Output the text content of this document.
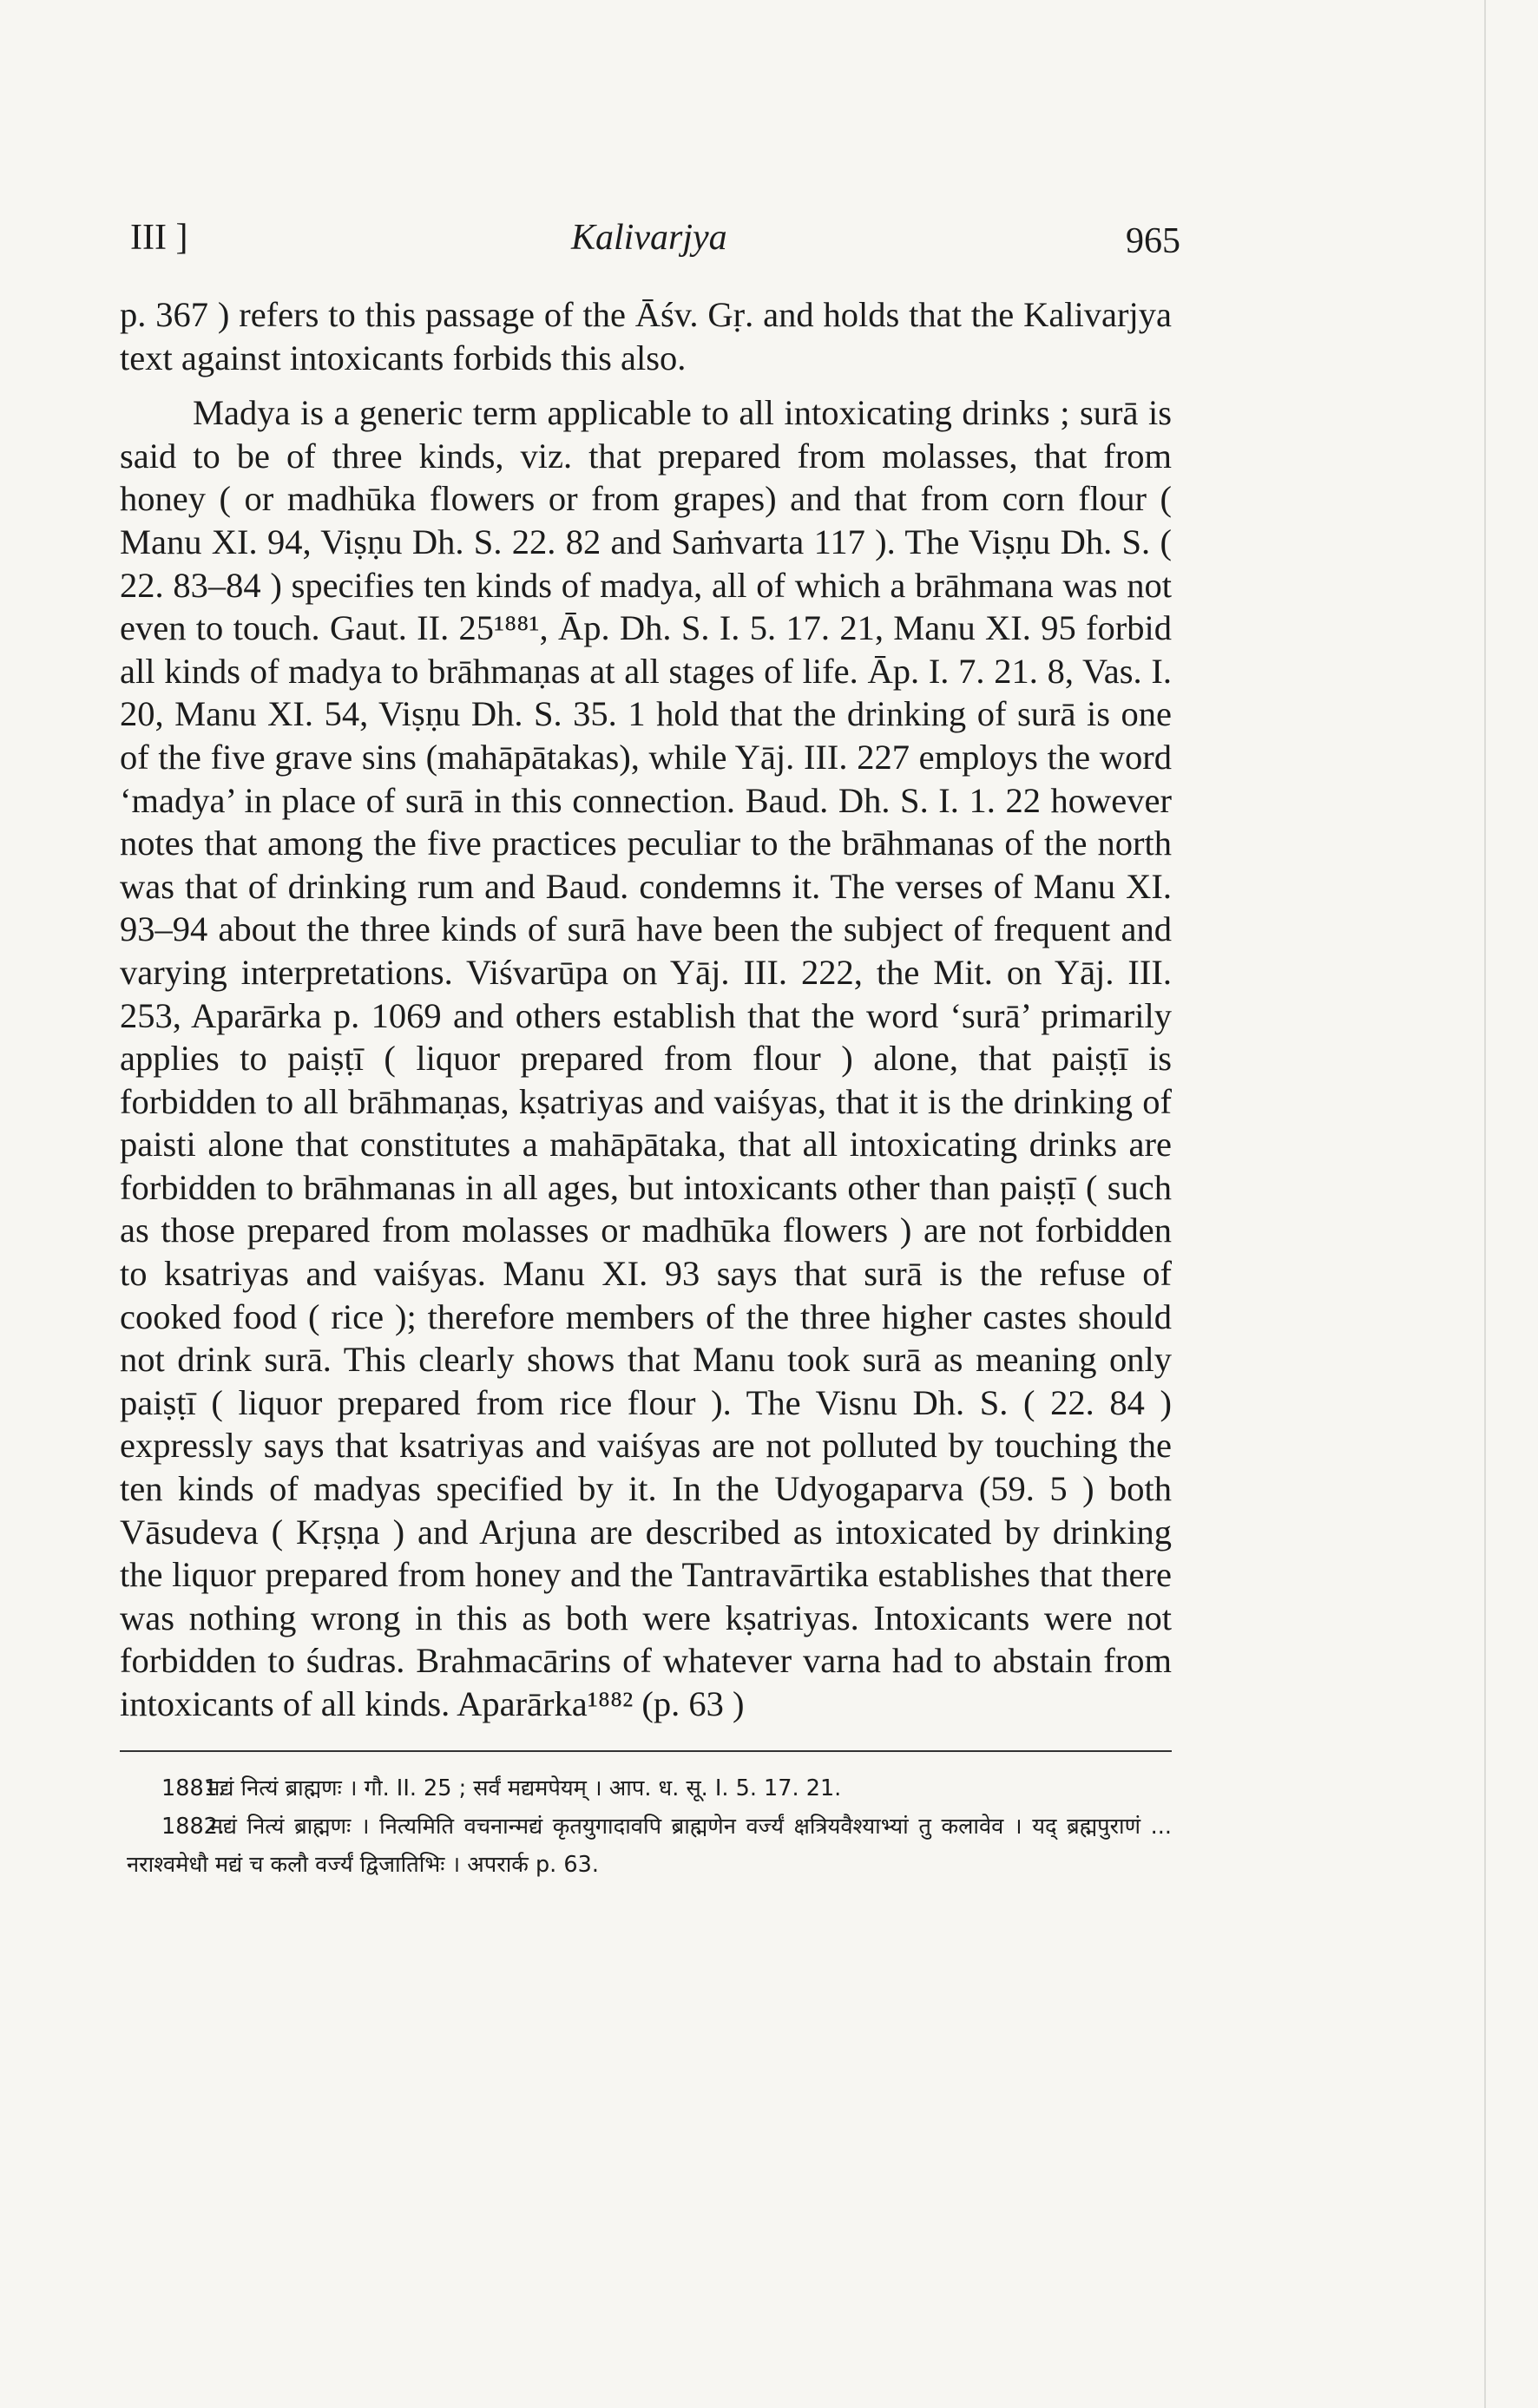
III ]	Kalivarjya	965

p. 367 ) refers to this passage of the Āśv. Gṛ. and holds that the Kalivarjya text against intoxicants forbids this also.

Madya is a generic term applicable to all intoxicating drinks ; surā is said to be of three kinds, viz. that prepared from molasses, that from honey ( or madhūka flowers or from grapes) and that from corn flour ( Manu XI. 94, Viṣṇu Dh. S. 22. 82 and Saṁvarta 117 ). The Viṣṇu Dh. S. ( 22. 83–84 ) specifies ten kinds of madya, all of which a brāhmana was not even to touch. Gaut. II. 25¹⁸⁸¹, Āp. Dh. S. I. 5. 17. 21, Manu XI. 95 forbid all kinds of madya to brāhmaṇas at all stages of life. Āp. I. 7. 21. 8, Vas. I. 20, Manu XI. 54, Viṣṇu Dh. S. 35. 1 hold that the drinking of surā is one of the five grave sins (mahāpātakas), while Yāj. III. 227 employs the word ‘madya’ in place of surā in this connection. Baud. Dh. S. I. 1. 22 however notes that among the five practices peculiar to the brāhmanas of the north was that of drinking rum and Baud. condemns it. The verses of Manu XI. 93–94 about the three kinds of surā have been the subject of frequent and varying interpretations. Viśvarūpa on Yāj. III. 222, the Mit. on Yāj. III. 253, Aparārka p. 1069 and others establish that the word ‘surā’ primarily applies to paiṣṭī ( liquor prepared from flour ) alone, that paiṣṭī is forbidden to all brāhmaṇas, kṣatriyas and vaiśyas, that it is the drinking of paisti alone that constitutes a mahāpātaka, that all intoxicating drinks are forbidden to brāhmanas in all ages, but intoxicants other than paiṣṭī ( such as those prepared from molasses or madhūka flowers ) are not forbidden to ksatriyas and vaiśyas. Manu XI. 93 says that surā is the refuse of cooked food ( rice ); therefore members of the three higher castes should not drink surā. This clearly shows that Manu took surā as meaning only paiṣṭī ( liquor prepared from rice flour ). The Visnu Dh. S. ( 22. 84 ) expressly says that ksatriyas and vaiśyas are not polluted by touching the ten kinds of madyas specified by it. In the Udyogaparva (59. 5 ) both Vāsudeva ( Kṛṣṇa ) and Arjuna are described as intoxicated by drinking the liquor prepared from honey and the Tantravārtika establishes that there was nothing wrong in this as both were kṣatriyas. Intoxicants were not forbidden to śudras. Brahmacārins of whatever varna had to abstain from intoxicants of all kinds. Aparārka¹⁸⁸² (p. 63 )

1881. मद्यं नित्यं ब्राह्मणः । गौ. II. 25 ; सर्वं मद्यमपेयम् । आप. ध. सू. I. 5. 17. 21.

1882. मद्यं नित्यं ब्राह्मणः । नित्यमिति वचनान्मद्यं कृतयुगादावपि ब्राह्मणेन वर्ज्यं क्षत्रियवैश्याभ्यां तु कलावेव । यद् ब्रह्मपुराणं ... नराश्वमेधौ मद्यं च कलौ वर्ज्यं द्विजातिभिः । अपरार्क p. 63.
